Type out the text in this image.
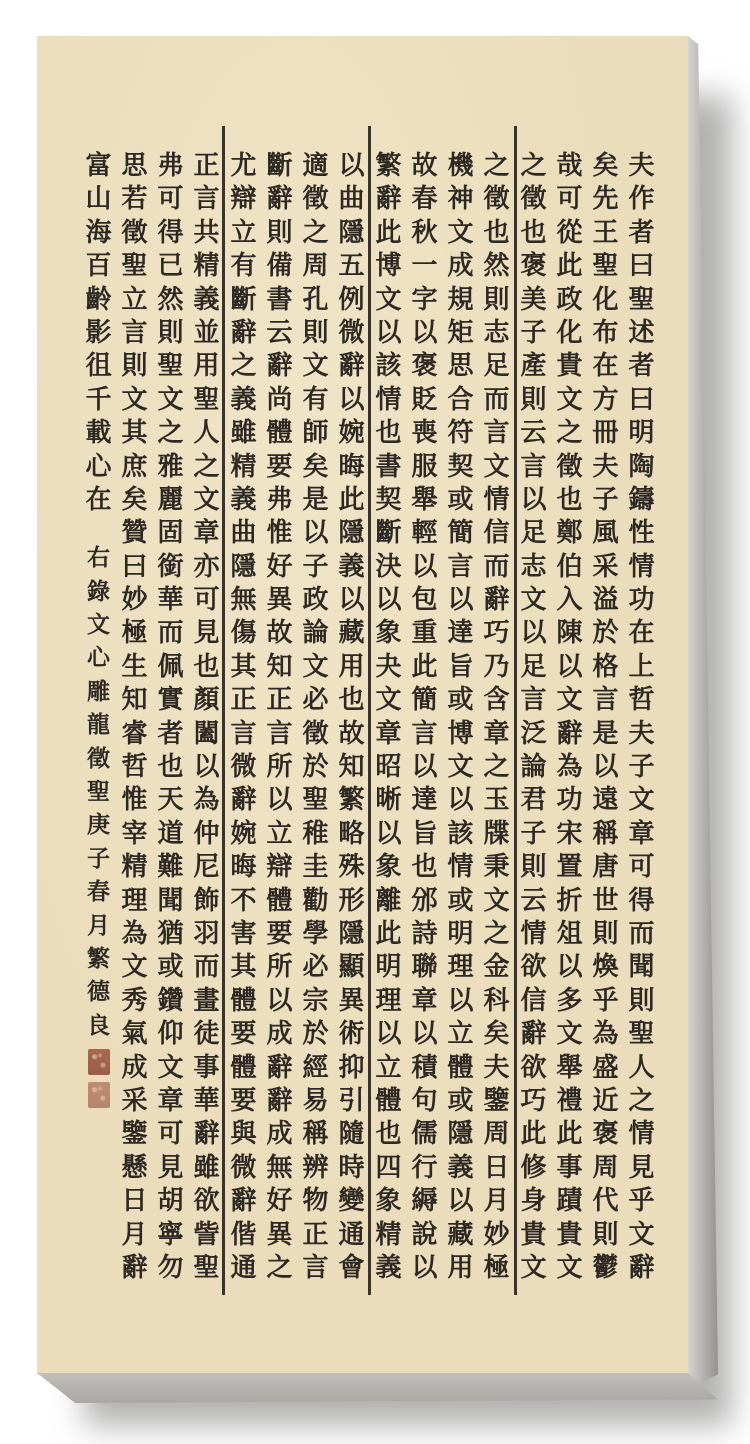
夫
作
者
曰
聖
述
者
曰
明
陶
鑄
性
情
功
在
上
哲
夫
子
文
章
可
得
而
聞
則
聖
人
之
情
見
乎
文
辭
矣
先
王
聖
化
布
在
方
冊
夫
子
風
采
溢
於
格
言
是
以
遠
稱
唐
世
則
煥
乎
為
盛
近
褒
周
代
則
鬱
哉
可
從
此
政
化
貴
文
之
徵
也
鄭
伯
入
陳
以
文
辭
為
功
宋
置
折
俎
以
多
文
舉
禮
此
事
蹟
貴
文
之
徵
也
褒
美
子
產
則
云
言
以
足
志
文
以
足
言
泛
論
君
子
則
云
情
欲
信
辭
欲
巧
此
修
身
貴
文
之
徵
也
然
則
志
足
而
言
文
情
信
而
辭
巧
乃
含
章
之
玉
牒
秉
文
之
金
科
矣
夫
鑒
周
日
月
妙
極
機
神
文
成
規
矩
思
合
符
契
或
簡
言
以
達
旨
或
博
文
以
該
情
或
明
理
以
立
體
或
隱
義
以
藏
用
故
春
秋
一
字
以
褒
貶
喪
服
舉
輕
以
包
重
此
簡
言
以
達
旨
也
邠
詩
聯
章
以
積
句
儒
行
縟
說
以
繁
辭
此
博
文
以
該
情
也
書
契
斷
決
以
象
夬
文
章
昭
晰
以
象
離
此
明
理
以
立
體
也
四
象
精
義
以
曲
隱
五
例
微
辭
以
婉
晦
此
隱
義
以
藏
用
也
故
知
繁
略
殊
形
隱
顯
異
術
抑
引
隨
時
變
通
會
適
徵
之
周
孔
則
文
有
師
矣
是
以
子
政
論
文
必
徵
於
聖
稚
圭
勸
學
必
宗
於
經
易
稱
辨
物
正
言
斷
辭
則
備
書
云
辭
尚
體
要
弗
惟
好
異
故
知
正
言
所
以
立
辯
體
要
所
以
成
辭
辭
成
無
好
異
之
尤
辯
立
有
斷
辭
之
義
雖
精
義
曲
隱
無
傷
其
正
言
微
辭
婉
晦
不
害
其
體
要
體
要
與
微
辭
偕
通
正
言
共
精
義
並
用
聖
人
之
文
章
亦
可
見
也
顏
闔
以
為
仲
尼
飾
羽
而
畫
徒
事
華
辭
雖
欲
訾
聖
弗
可
得
已
然
則
聖
文
之
雅
麗
固
銜
華
而
佩
實
者
也
天
道
難
聞
猶
或
鑽
仰
文
章
可
見
胡
寧
勿
思
若
徵
聖
立
言
則
文
其
庶
矣
贊
曰
妙
極
生
知
睿
哲
惟
宰
精
理
為
文
秀
氣
成
采
鑒
懸
日
月
辭
富
山
海
百
齡
影
徂
千
載
心
在
右
錄
文
心
雕
龍
徵
聖
庚
子
春
月
繁
德
良
